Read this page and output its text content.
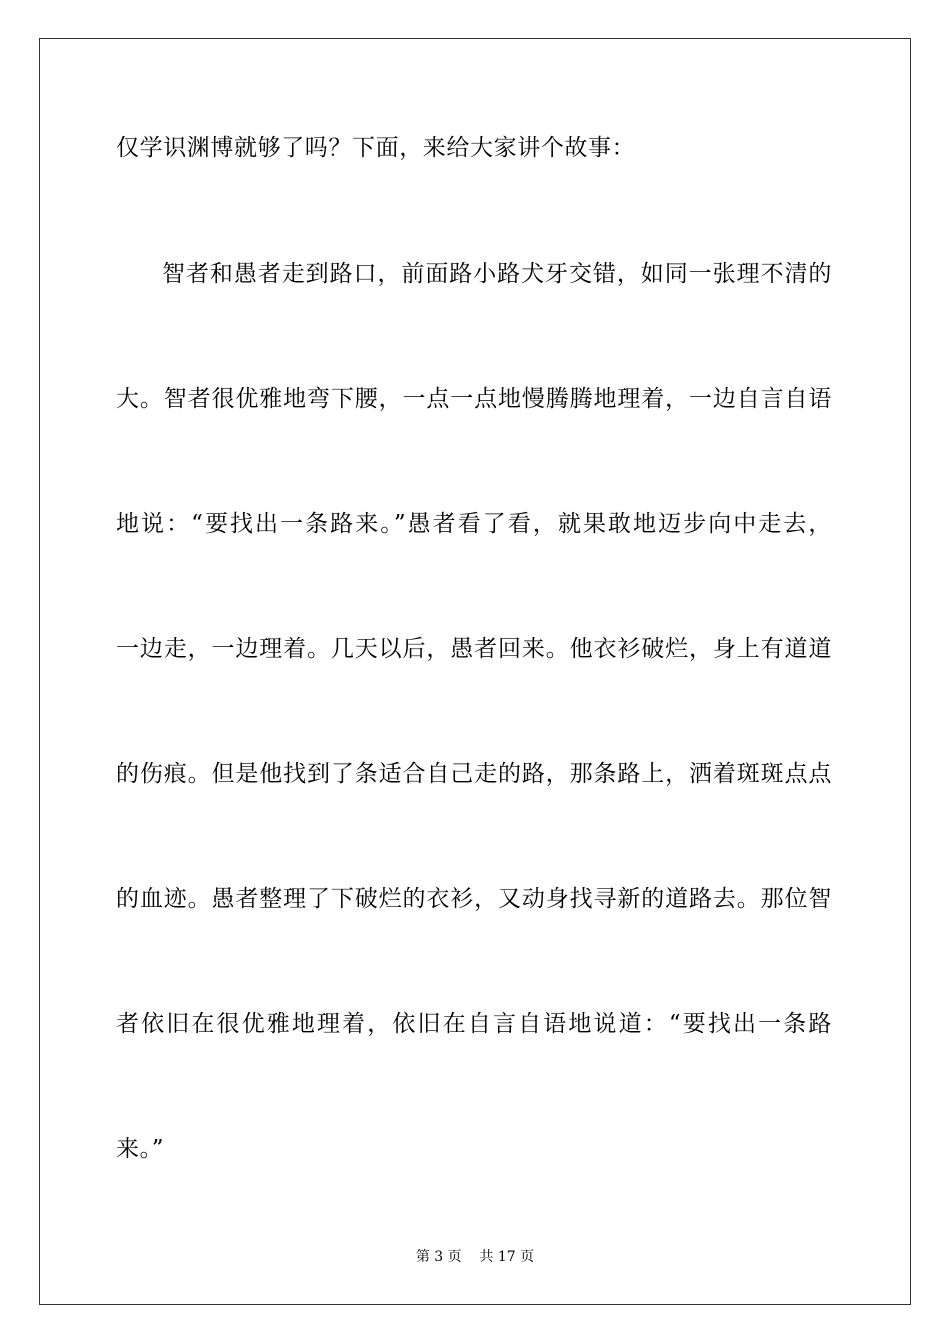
仅学识渊博就够了吗？下面，来给大家讲个故事：
智者和愚者走到路口，前面路小路犬牙交错，如同一张理不清的
大。智者很优雅地弯下腰，一点一点地慢腾腾地理着，一边自言自语
地说：“要找出一条路来。”愚者看了看，就果敢地迈步向中走去，
一边走，一边理着。几天以后，愚者回来。他衣衫破烂，身上有道道
的伤痕。但是他找到了条适合自己走的路，那条路上，洒着斑斑点点
的血迹。愚者整理了下破烂的衣衫，又动身找寻新的道路去。那位智
者依旧在很优雅地理着，依旧在自言自语地说道：“要找出一条路
来。”
第 3 页    共 17 页
